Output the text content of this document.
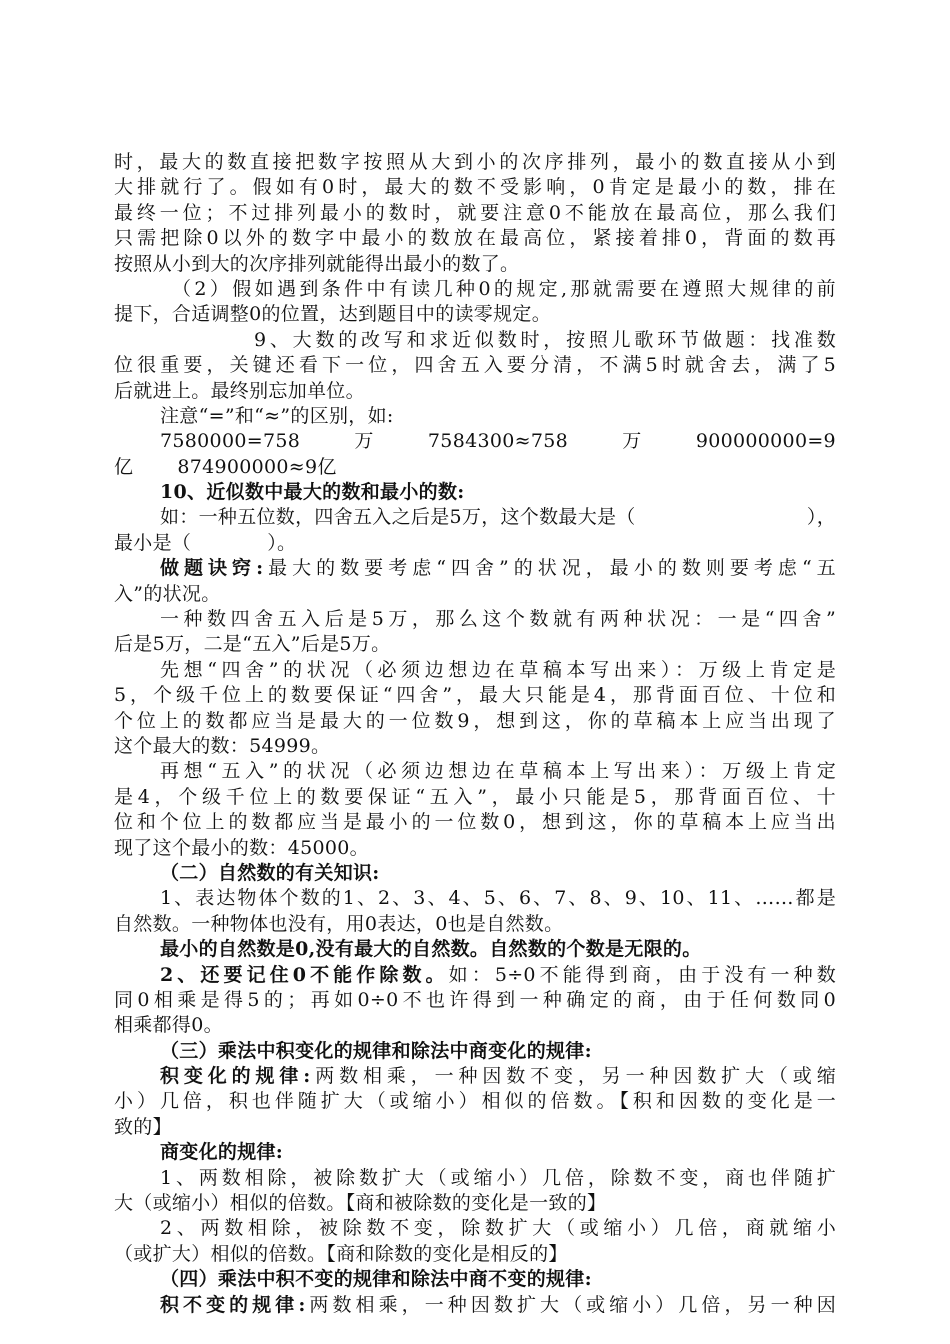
时，最大的数直接把数字按照从大到小的次序排列，最小的数直接从小到
大排就行了。假如有0时，最大的数不受影响，0肯定是最小的数，排在
最终一位；不过排列最小的数时，就要注意0不能放在最高位，那么我们
只需把除0以外的数字中最小的数放在最高位，紧接着排0，背面的数再
按照从小到大的次序排列就能得出最小的数了。
（2）假如遇到条件中有读几种0的规定,那就需要在遵照大规律的前
提下，合适调整0的位置，达到题目中的读零规定。
9、大数的改写和求近似数时，按照儿歌环节做题：找准数
位很重要，关键还看下一位，四舍五入要分清，不满5时就舍去，满了5
后就进上。最终别忘加单位。
注意“=”和“≈”的区别，如:
7580000=758	万	7584300≈758	万	900000000=9
亿 874900000≈9亿
10、近似数中最大的数和最小的数:
如：一种五位数，四舍五入之后是5万，这个数最大是（	），
最小是（	）。
做题诀窍:最大的数要考虑“四舍”的状况，最小的数则要考虑“五
入”的状况。
一种数四舍五入后是5万，那么这个数就有两种状况：一是“四舍”
后是5万，二是“五入”后是5万。
先想“四舍”的状况（必须边想边在草稿本写出来）：万级上肯定是
5，个级千位上的数要保证“四舍”，最大只能是4，那背面百位、十位和
个位上的数都应当是最大的一位数9，想到这，你的草稿本上应当出现了
这个最大的数：54999。
再想“五入”的状况（必须边想边在草稿本上写出来）：万级上肯定
是4，个级千位上的数要保证“五入”，最小只能是5，那背面百位、十
位和个位上的数都应当是最小的一位数0，想到这，你的草稿本上应当出
现了这个最小的数：45000。
（二）自然数的有关知识:
1、表达物体个数的1、2、3、4、5、6、7、8、9、10、11、……都是
自然数。一种物体也没有，用0表达，0也是自然数。
最小的自然数是0,没有最大的自然数。自然数的个数是无限的。
2、还要记住0不能作除数。如：5÷0不能得到商，由于没有一种数
同0相乘是得5的；再如0÷0不也许得到一种确定的商，由于任何数同0
相乘都得0。
（三）乘法中积变化的规律和除法中商变化的规律:
积变化的规律:两数相乘，一种因数不变，另一种因数扩大（或缩
小）几倍，积也伴随扩大（或缩小）相似的倍数。【积和因数的变化是一
致的】
商变化的规律:
1、两数相除，被除数扩大（或缩小）几倍，除数不变，商也伴随扩
大（或缩小）相似的倍数。【商和被除数的变化是一致的】
2、两数相除，被除数不变，除数扩大（或缩小）几倍，商就缩小
（或扩大）相似的倍数。【商和除数的变化是相反的】
（四）乘法中积不变的规律和除法中商不变的规律:
积不变的规律:两数相乘，一种因数扩大（或缩小）几倍，另一种因
